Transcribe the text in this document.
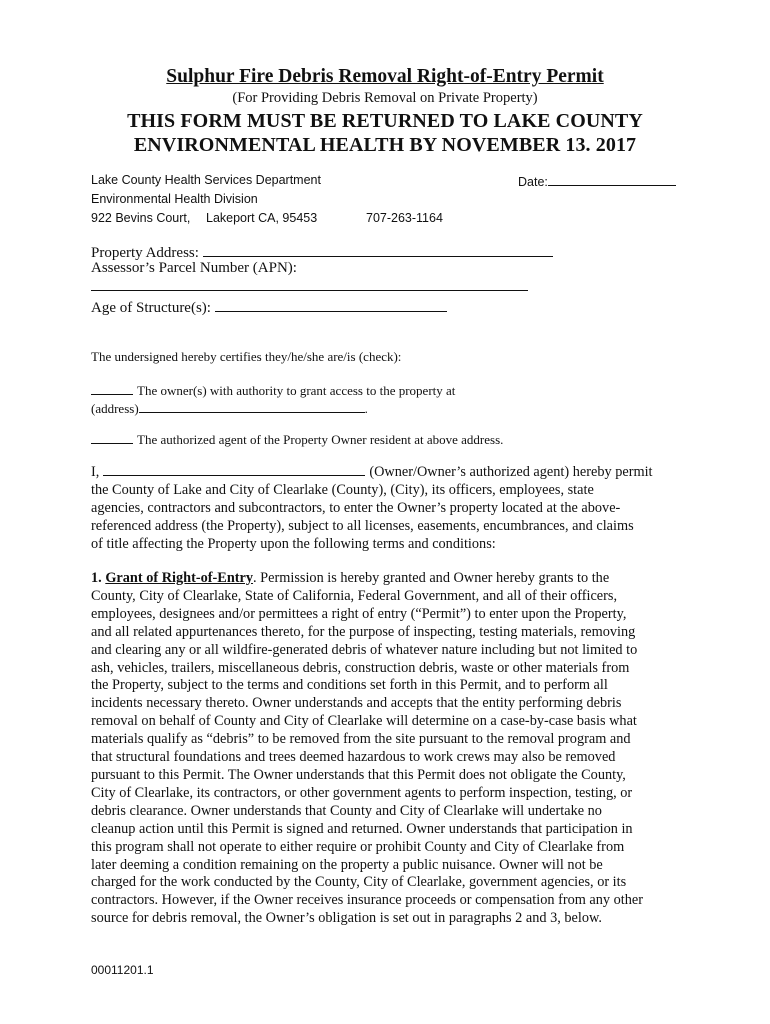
Sulphur Fire Debris Removal Right-of-Entry Permit
(For Providing Debris Removal on Private Property)
THIS FORM MUST BE RETURNED TO LAKE COUNTY
ENVIRONMENTAL HEALTH BY NOVEMBER 13. 2017
Lake County Health Services Department
Environmental Health Division
922 Bevins Court, Lakeport CA, 95453	707-263-1164
Date:
Property Address:
Assessor’s Parcel Number (APN):
Age of Structure(s):
The undersigned hereby certifies they/he/she are/is (check):
The owner(s) with authority to grant access to the property at
(address)	.
The authorized agent of the Property Owner resident at above address.
I,	(Owner/Owner’s authorized agent) hereby permit
the County of Lake and City of Clearlake (County), (City), its officers, employees, state
agencies, contractors and subcontractors, to enter the Owner’s property located at the above-
referenced address (the Property), subject to all licenses, easements, encumbrances, and claims
of title affecting the Property upon the following terms and conditions:
1. Grant of Right-of-Entry. Permission is hereby granted and Owner hereby grants to the
County, City of Clearlake, State of California, Federal Government, and all of their officers,
employees, designees and/or permittees a right of entry (“Permit”) to enter upon the Property,
and all related appurtenances thereto, for the purpose of inspecting, testing materials, removing
and clearing any or all wildfire-generated debris of whatever nature including but not limited to
ash, vehicles, trailers, miscellaneous debris, construction debris, waste or other materials from
the Property, subject to the terms and conditions set forth in this Permit, and to perform all
incidents necessary thereto. Owner understands and accepts that the entity performing debris
removal on behalf of County and City of Clearlake will determine on a case-by-case basis what
materials qualify as “debris” to be removed from the site pursuant to the removal program and
that structural foundations and trees deemed hazardous to work crews may also be removed
pursuant to this Permit. The Owner understands that this Permit does not obligate the County,
City of Clearlake, its contractors, or other government agents to perform inspection, testing, or
debris clearance. Owner understands that County and City of Clearlake will undertake no
cleanup action until this Permit is signed and returned. Owner understands that participation in
this program shall not operate to either require or prohibit County and City of Clearlake from
later deeming a condition remaining on the property a public nuisance. Owner will not be
charged for the work conducted by the County, City of Clearlake, government agencies, or its
contractors. However, if the Owner receives insurance proceeds or compensation from any other
source for debris removal, the Owner’s obligation is set out in paragraphs 2 and 3, below.
00011201.1
